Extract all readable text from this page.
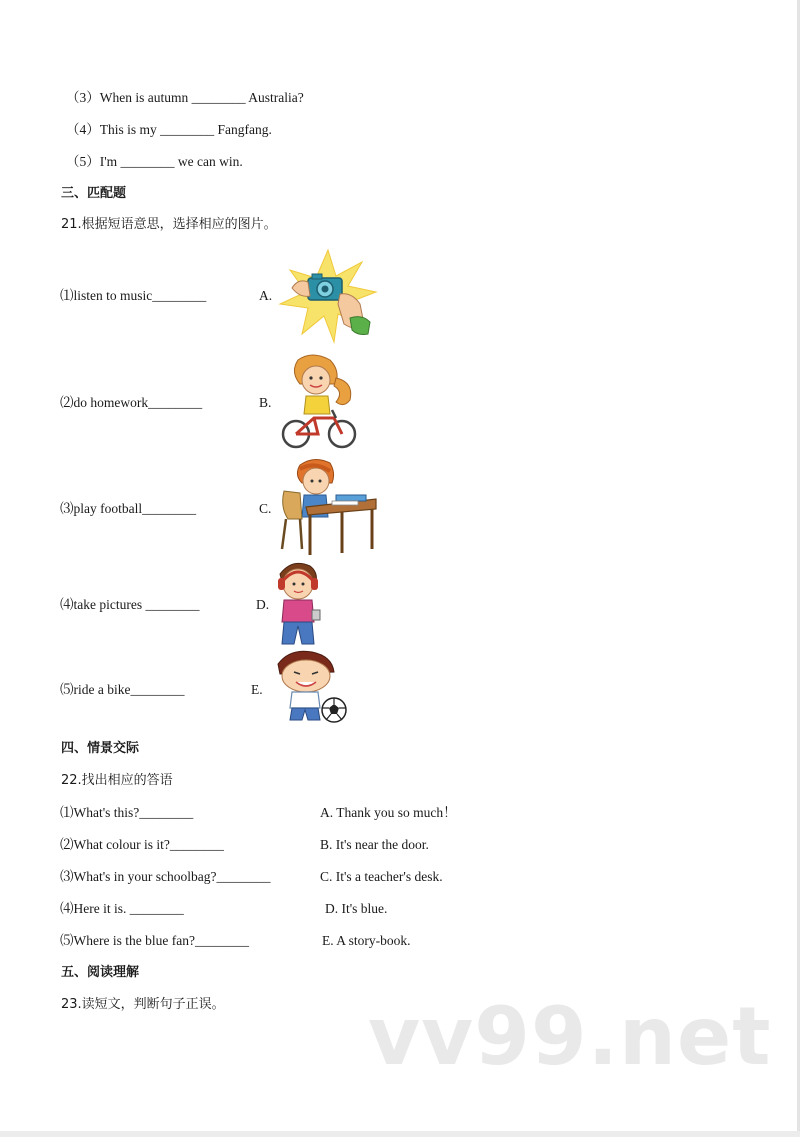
（3）When is autumn ________ Australia?
（4）This is my ________ Fangfang.
（5）I'm ________ we can win.
三、匹配题
21.根据短语意思，选择相应的图片。
⑴listen to music________	A.
⑵do homework________	B.
⑶play football________	C.
⑷take pictures ________	D.
⑸ride a bike________	E.
四、情景交际
22.找出相应的答语
⑴What's this?________	A. Thank you so much！
⑵What colour is it?________	B. It's near the door.
⑶What's in your schoolbag?________	C. It's a teacher's desk.
⑷Here it is. ________	D. It's blue.
⑸Where is the blue fan?________	E. A story-book.
五、阅读理解
23.读短文，判断句子正误。 vv99.net
